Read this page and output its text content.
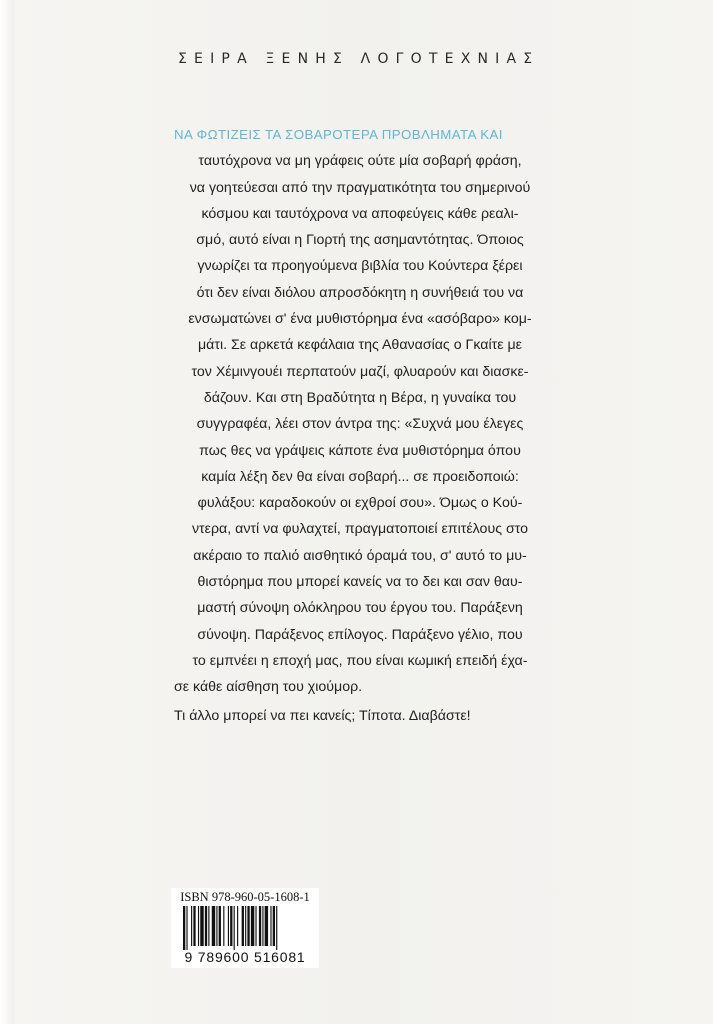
ΣΕΙΡΑ ΞΕΝΗΣ ΛΟΓΟΤΕΧΝΙΑΣ
ΝΑ ΦΩΤΙΖΕΙΣ ΤΑ ΣΟΒΑΡΟΤΕΡΑ ΠΡΟΒΛΗΜΑΤΑ ΚΑΙ
ταυτόχρονα να μη γράφεις ούτε μία σοβαρή φράση,
να γοητεύεσαι από την πραγματικότητα του σημερινού
κόσμου και ταυτόχρονα να αποφεύγεις κάθε ρεαλι-
σμό, αυτό είναι η Γιορτή της ασημαντότητας. Όποιος
γνωρίζει τα προηγούμενα βιβλία του Κούντερα ξέρει
ότι δεν είναι διόλου απροσδόκητη η συνήθειά του να
ενσωματώνει σ' ένα μυθιστόρημα ένα «ασόβαρο» κομ-
μάτι. Σε αρκετά κεφάλαια της Αθανασίας ο Γκαίτε με
τον Χέμινγουέι περπατούν μαζί, φλυαρούν και διασκε-
δάζουν. Και στη Βραδύτητα η Βέρα, η γυναίκα του
συγγραφέα, λέει στον άντρα της: «Συχνά μου έλεγες
πως θες να γράψεις κάποτε ένα μυθιστόρημα όπου
καμία λέξη δεν θα είναι σοβαρή... σε προειδοποιώ:
φυλάξου: καραδοκούν οι εχθροί σου». Όμως ο Κού-
ντερα, αντί να φυλαχτεί, πραγματοποιεί επιτέλους στο
ακέραιο το παλιό αισθητικό όραμά του, σ' αυτό το μυ-
θιστόρημα που μπορεί κανείς να το δει και σαν θαυ-
μαστή σύνοψη ολόκληρου του έργου του. Παράξενη
σύνοψη. Παράξενος επίλογος. Παράξενο γέλιο, που
το εμπνέει η εποχή μας, που είναι κωμική επειδή έχα-
σε κάθε αίσθηση του χιούμορ.
Τι άλλο μπορεί να πει κανείς; Τίποτα. Διαβάστε!
ISBN 978-960-05-1608-1
9 789600 516081
